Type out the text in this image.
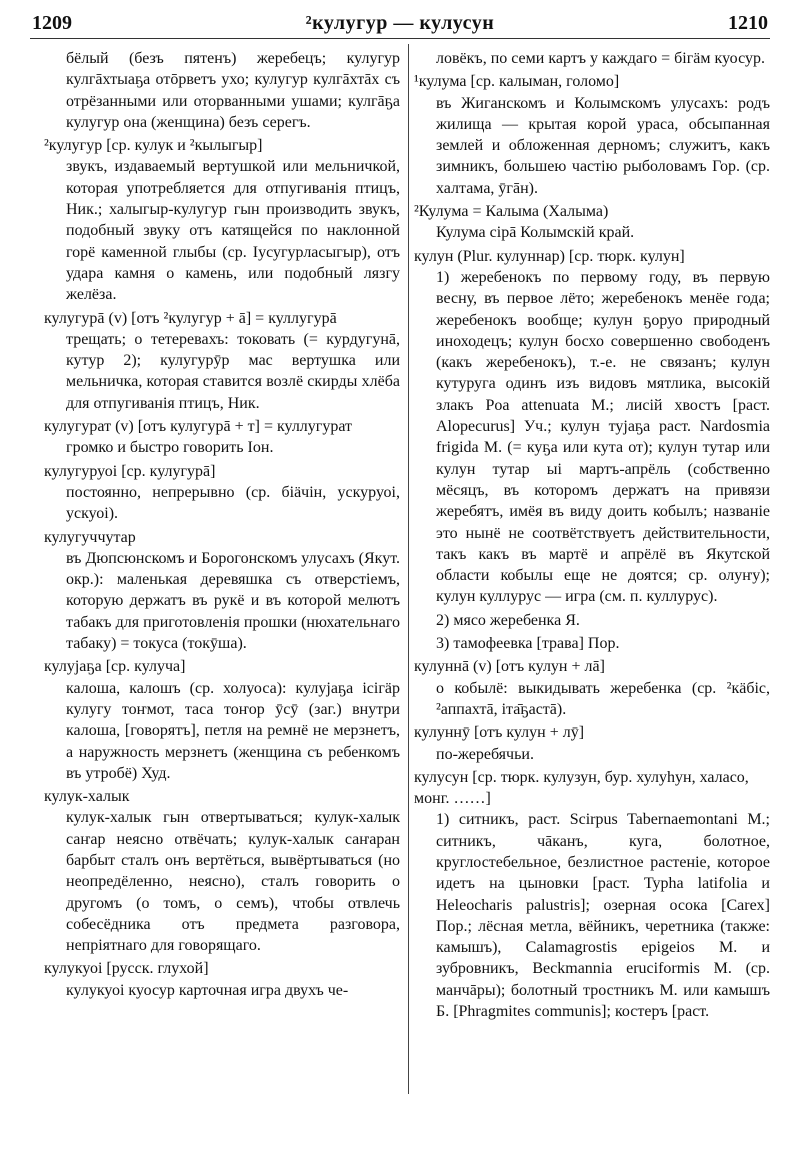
1209	²кулугур — кулусун	1210

бёлый (безъ пятенъ) жеребецъ; кулугур кулгāхтыаҕа отōрветъ ухо; кулугур кулгāхтāх съ отрёзанными или оторванными ушами; кулгāҕа кулугур она (женщина) безъ серегъ.

²кулугур [ср. кулук и ²кылыгыр]

звукъ, издаваемый вертушкой или мельничкой, которая употребляется для отпугиванія птицъ, Ник.; халыгыр-кулугур гын производить звукъ, подобный звуку отъ катящейся по наклонной горё каменной глыбы (ср. Іусугурласыгыр), отъ удара камня о камень, или подобный лязгу желёза.

кулугурā (v) [отъ ²кулугур + ā] = куллугурā

трещать; о тетеревахъ: токовать (= курдугунā, кутур 2); кулугурӯр мас вертушка или мельничка, которая ставится возлё скирды хлёба для отпугиванія птицъ, Ник.

кулугурат (v) [отъ кулугурā + т] = куллугурат

громко и быстро говорить Іон.

кулугуруоі [ср. кулугурā]

постоянно, непрерывно (ср. біäчін, ускуруоі, ускуоі).

кулугуччутар

въ Дюпсюнскомъ и Борогонскомъ улусахъ (Якут. окр.): маленькая деревяшка съ отверстіемъ, которую держатъ въ рукё и въ которой мелютъ табакъ для приготовленія прошки (нюхательнаго табаку) = токуса (токӯша).

кулујаҕа [ср. кулуча]

калоша, калошъ (ср. холуоса): кулујаҕа ісігäр кулугу тоҥмот, таса тоҥор ӯсӯ (заг.) внутри калоша, [говорятъ], петля на ремнё не мерзнетъ, а наружность мерзнетъ (женщина съ ребенкомъ въ утробё) Худ.

кулук-халык

кулук-халык гын отвертываться; кулук-халык саҥар неясно отвёчать; кулук-халык саҥаран барбыт сталъ онъ вертёться, вывёртываться (но неопредёленно, неясно), сталъ говорить о другомъ (о томъ, о семъ), чтобы отвлечь собесёдника отъ предмета разговора, непріятнаго для говорящаго.

кулукуоі [русск. глухой]

кулукуоі куосур карточная игра двухъ че-

ловёкъ, по семи картъ у каждаго = бігäм куосур.

¹кулума [ср. калыман, голомо]

въ Жиганскомъ и Колымскомъ улусахъ: родъ жилища — крытая корой ураса, обсыпанная землей и обложенная дерномъ; служитъ, какъ зимникъ, большею частію рыболовамъ Гор. (ср. халтама, ӯгāн).

²Кулума = Калыма (Халыма)

Кулума сірā Колымскій край.

кулун (Plur. кулуннар) [ср. тюрк. кулун]

1) жеребенокъ по первому году, въ первую весну, въ первое лёто; жеребенокъ менёе года; жеребенокъ вообще; кулун ҕоруо природный иноходецъ; кулун босхо совершенно свободенъ (какъ жеребенокъ), т.-е. не связанъ; кулун кутуруга одинъ изъ видовъ мятлика, высокій злакъ Poa attenuata М.; лисій хвостъ [раст. Alopecurus] Уч.; кулун тујаҕа раст. Nardosmia frigida М. (= куҕа или кута от); кулун тутар или кулун тутар ыі мартъ-апрёль (собственно мёсяцъ, въ которомъ держатъ на привязи жеребятъ, имёя въ виду доить кобылъ; названіе это нынё не соотвётствуетъ действительности, такъ какъ въ мартё и апрёлё въ Якутской области кобылы еще не доятся; ср. олуҥу); кулун куллурус — игра (см. п. куллурус).

2) мясо жеребенка Я.

3) тамофеевка [трава] Пор.

кулуннā (v) [отъ кулун + лā]

о кобылё: выкидывать жеребенка (ср. ²кäбіс, ²аппахтā, іта̄ҕастā).

кулуннӯ [отъ кулун + лӯ]

по-жеребячьи.

кулусун [ср. тюрк. кулузун, бур. хулуhун, халасо, монг. ……]

1) ситникъ, раст. Scirpus Tabernaemontani М.; ситникъ, чāканъ, куга, болотное, круглостебельное, безлистное растеніе, которое идетъ на цыновки [раст. Typha latifolia и Heleocharis palustris]; озерная осока [Carex] Пор.; лёсная метла, вёйникъ, черетника (также: камышъ), Calamagrostis epigeios М. и зубровникъ, Beckmannia eruciformis М. (ср. манчāры); болотный тростникъ М. или камышъ Б. [Phragmites communis]; костеръ [раст.
